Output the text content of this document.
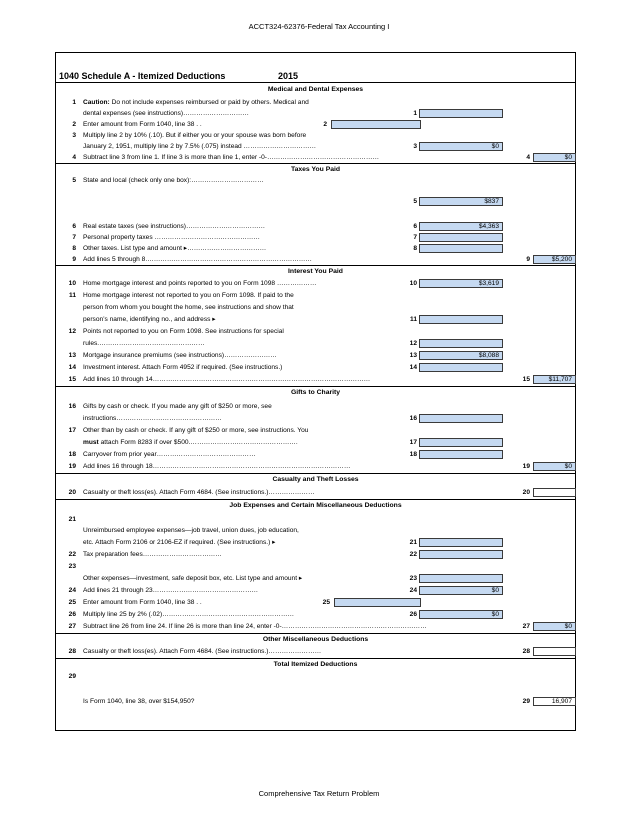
ACCT324-62376-Federal Tax Accounting I
1040 Schedule A - Itemized Deductions	2015
Medical and Dental Expenses
1 Caution: Do not include expenses reimbursed or paid by others. Medical and
dental expenses (see instructions)…………………………	1
2 Enter amount from Form 1040, line 38 . .	2
3 Multiply line 2 by 10% (.10). But if either you or your spouse was born before
January 2, 1951, multiply line 2 by 7.5% (.075) instead ……………………………	3	$0
4 Subtract line 3 from line 1. If line 3 is more than line 1, enter -0-……………………………………………	4	$0
Taxes You Paid
5 State and local (check only one box):……………………………
5	$837
6 Real estate taxes (see instructions)………………………………	6	$4,363
7 Personal property taxes …………………………………………	7
8 Other taxes. List type and amount ▸………………………………	8
9 Add lines 5 through 8.…………………………………………………………………	9	$5,200
Interest You Paid
10 Home mortgage interest and points reported to you on Form 1098 ………………	10	$3,619
11 Home mortgage interest not reported to you on Form 1098. If paid to the
person from whom you bought the home, see instructions and show that
person’s name, identifying no., and address ▸	11
12 Points not reported to you on Form 1098. See instructions for special
rules.…………………………………………	12
13 Mortgage insurance premiums (see instructions)……………………	13	$8,088
14 Investment interest. Attach Form 4952 if required. (See instructions.)	14
15 Add lines 10 through 14………………………………………………………………………………………	15	$11,707
Gifts to Charity
16 Gifts by cash or check. If you made any gift of $250 or more, see
instructions…………………………………………	16
17 Other than by cash or check. If any gift of $250 or more, see instructions. You
must attach Form 8283 if over $500.………………………………………….	17
18 Carryover from prior year………………………………………	18
19 Add lines 16 through 18………………………………………………………………………………	19	$0
Casualty and Theft Losses
20 Casualty or theft loss(es). Attach Form 4684. (See instructions.)…………………	20
Job Expenses and Certain Miscellaneous Deductions
21
Unreimbursed employee expenses—job travel, union dues, job education,
etc. Attach Form 2106 or 2106-EZ if required. (See instructions.) ▸	21
22 Tax preparation fees………………………………	22
23
Other expenses—investment, safe deposit box, etc. List type and amount ▸	23
24 Add lines 21 through 23…………………………………………	24	$0
25 Enter amount from Form 1040, line 38 . .	25
26 Multiply line 25 by 2% (.02)……………………………………………………	26	$0
27 Subtract line 26 from line 24. If line 26 is more than line 24, enter -0-…………………………………………………………	27	$0
Other Miscellaneous Deductions
28 Casualty or theft loss(es). Attach Form 4684. (See instructions.)……………………	28
Total Itemized Deductions
29
Is Form 1040, line 38, over $154,950?	29	16,907
Comprehensive Tax Return Problem
